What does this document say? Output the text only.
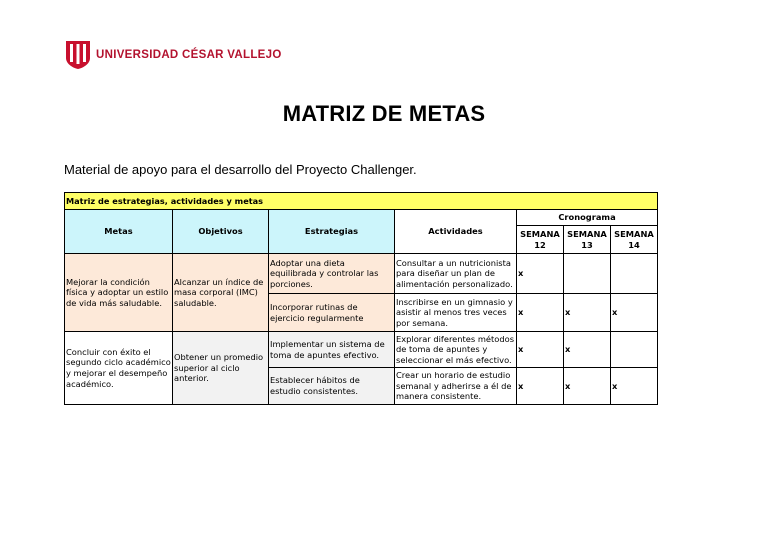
UNIVERSIDAD CÉSAR VALLEJO
MATRIZ DE METAS
Material de apoyo para el desarrollo del Proyecto Challenger.
Matriz de estrategias, actividades y metas						
Metas	Objetivos	Estrategias	Actividades	Cronograma		
				SEMANA 12	SEMANA 13	SEMANA 14
Mejorar la condición física y adoptar un estilo de vida más saludable.	Alcanzar un índice de masa corporal (IMC) saludable.	Adoptar una dieta equilibrada y controlar las porciones.	Consultar a un nutricionista para diseñar un plan de alimentación personalizado.	x		
		Incorporar rutinas de ejercicio regularmente	Inscribirse en un gimnasio y asistir al menos tres veces por semana.	x	x	x
Concluir con éxito el segundo ciclo académico y mejorar el desempeño académico.	Obtener un promedio superior al ciclo anterior.	Implementar un sistema de toma de apuntes efectivo.	Explorar diferentes métodos de toma de apuntes y seleccionar el más efectivo.	x	x	
		Establecer hábitos de estudio consistentes.	Crear un horario de estudio semanal y adherirse a él de manera consistente.	x	x	x
